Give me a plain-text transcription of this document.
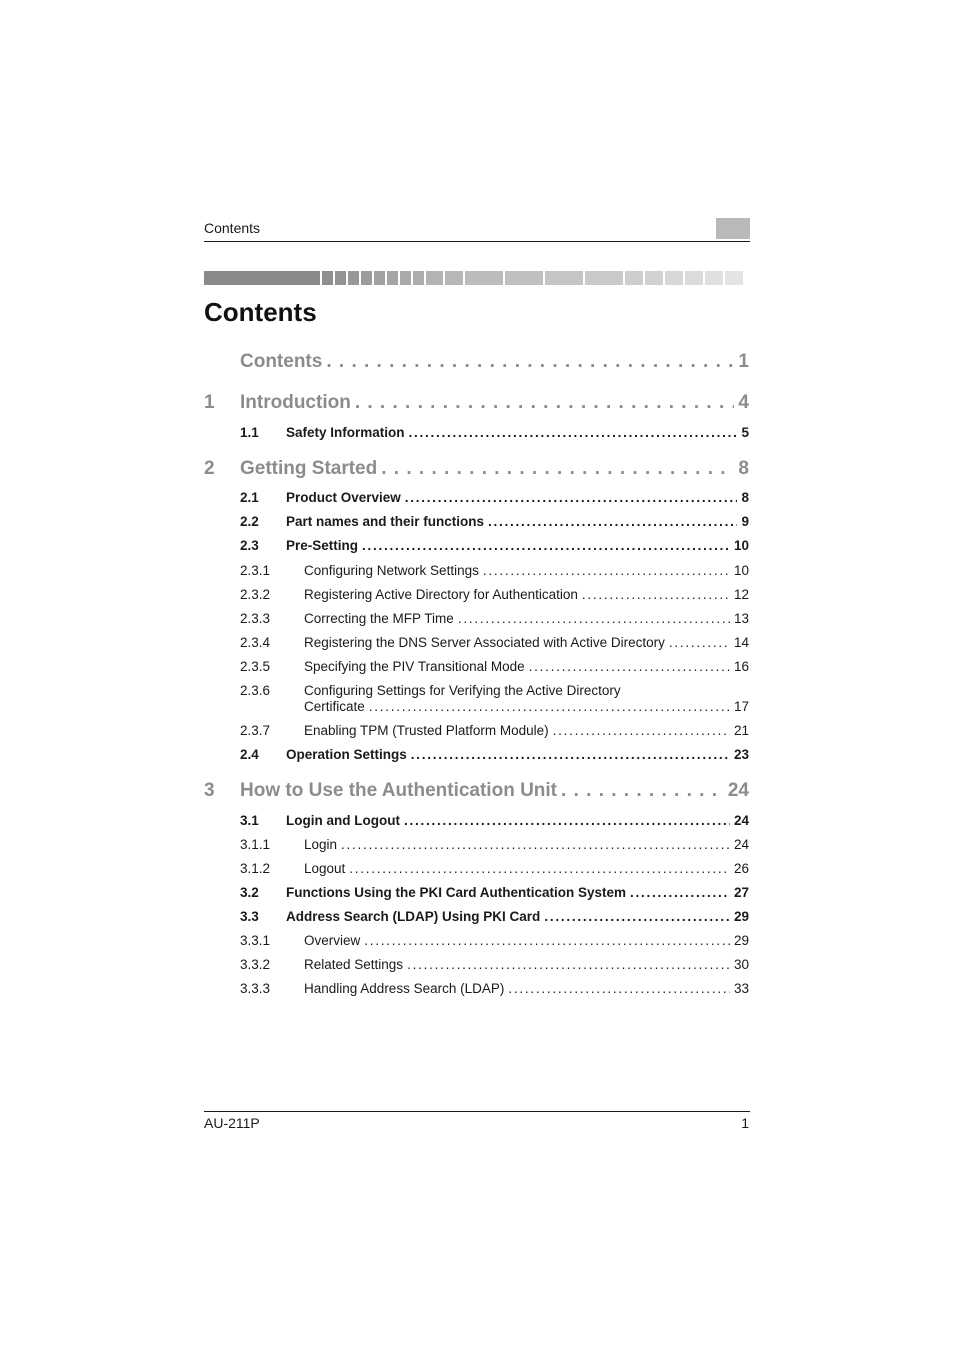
Contents
Contents
Contents . . .	1
1	Introduction . . .	4
1.1	Safety Information . . .	5
2	Getting Started . . .	8
2.1	Product Overview . . .	8
2.2	Part names and their functions . . .	9
2.3	Pre-Setting . . .	10
2.3.1	Configuring Network Settings . . .	10
2.3.2	Registering Active Directory for Authentication . . .	12
2.3.3	Correcting the MFP Time . . .	13
2.3.4	Registering the DNS Server Associated with Active Directory . . .	14
2.3.5	Specifying the PIV Transitional Mode . . .	16
2.3.6	Configuring Settings for Verifying the Active Directory
Certificate . . .	17
2.3.7	Enabling TPM (Trusted Platform Module) . . .	21
2.4	Operation Settings . . .	23
3	How to Use the Authentication Unit . . .	24
3.1	Login and Logout . . .	24
3.1.1	Login . . .	24
3.1.2	Logout . . .	26
3.2	Functions Using the PKI Card Authentication System . . .	27
3.3	Address Search (LDAP) Using PKI Card . . .	29
3.3.1	Overview . . .	29
3.3.2	Related Settings . . .	30
3.3.3	Handling Address Search (LDAP) . . .	33
AU-211P	1
